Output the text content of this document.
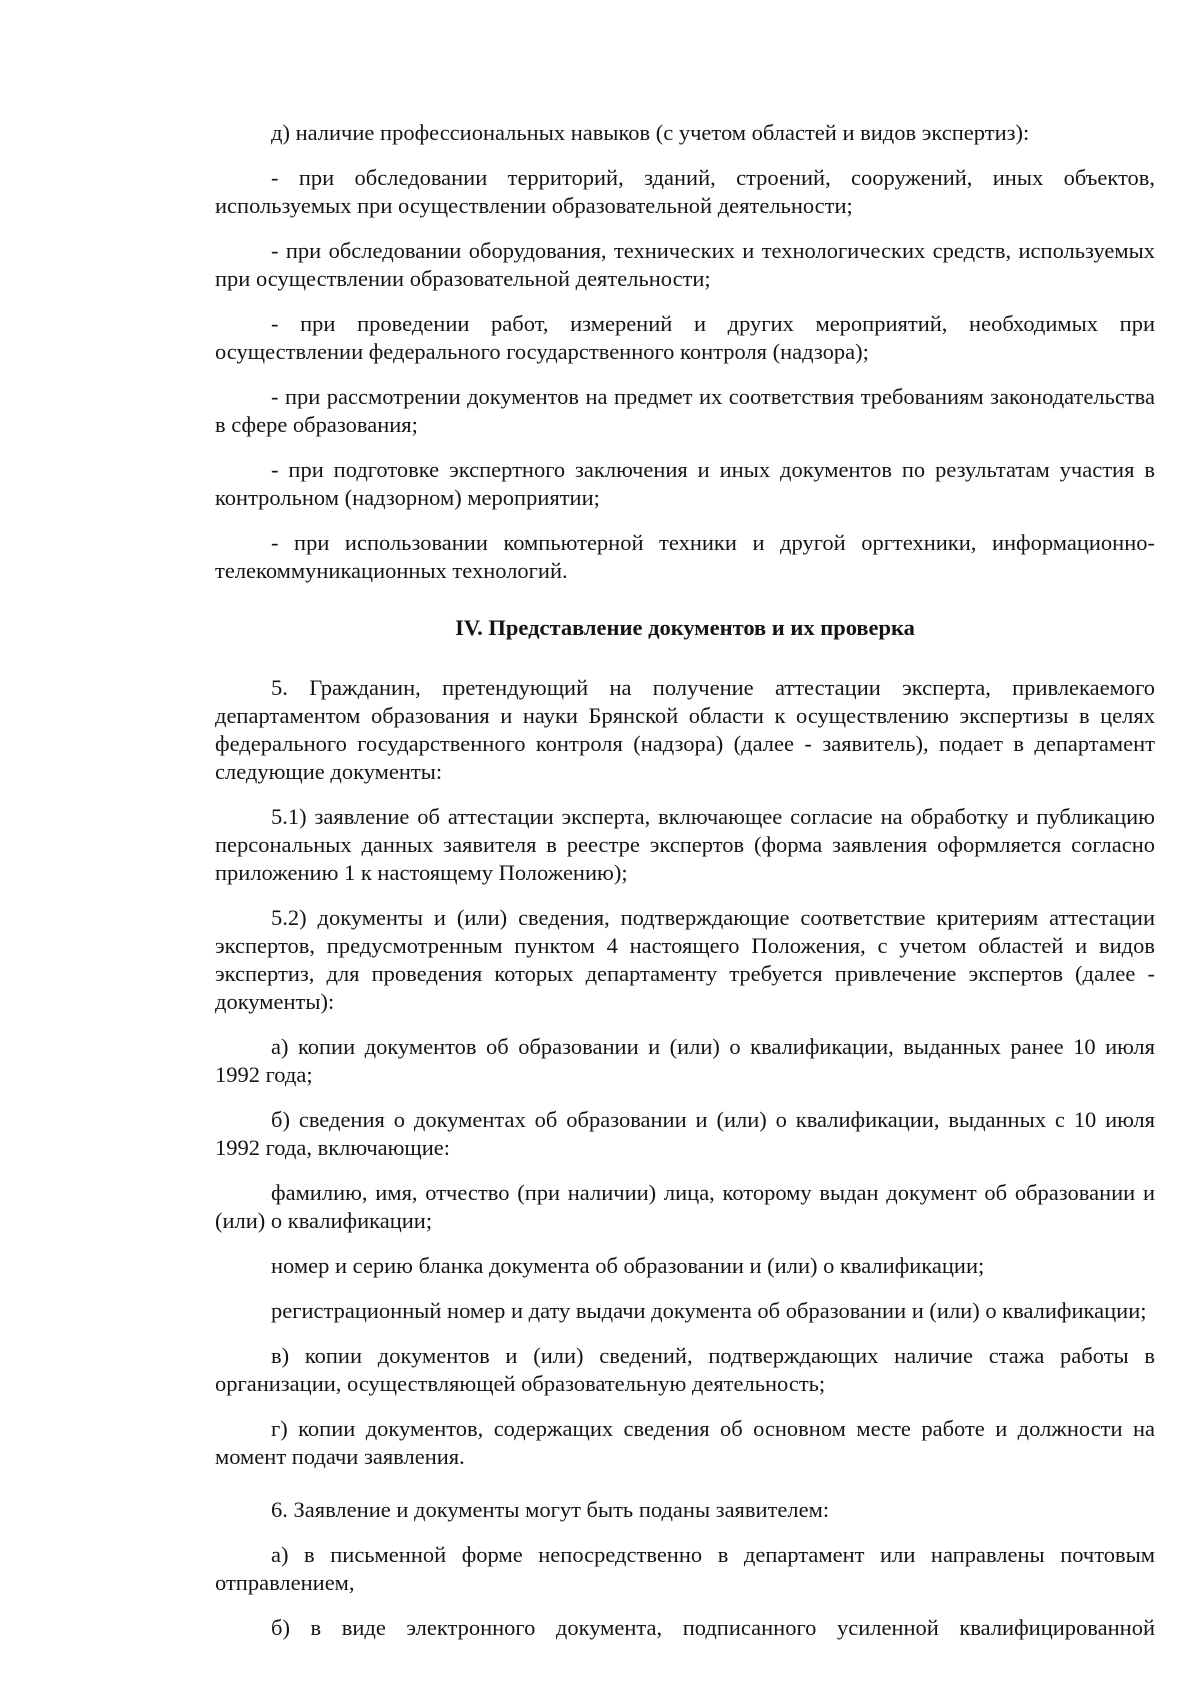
д) наличие профессиональных навыков (с учетом областей и видов экспертиз):

- при обследовании территорий, зданий, строений, сооружений, иных объектов, используемых при осуществлении образовательной деятельности;

- при обследовании оборудования, технических и технологических средств, используемых при осуществлении образовательной деятельности;

- при проведении работ, измерений и других мероприятий, необходимых при осуществлении федерального государственного контроля (надзора);

- при рассмотрении документов на предмет их соответствия требованиям законодательства в сфере образования;

- при подготовке экспертного заключения и иных документов по результатам участия в контрольном (надзорном) мероприятии;

- при использовании компьютерной техники и другой оргтехники, информационно-телекоммуникационных технологий.

IV. Представление документов и их проверка

5. Гражданин, претендующий на получение аттестации эксперта, привлекаемого департаментом образования и науки Брянской области к осуществлению экспертизы в целях федерального государственного контроля (надзора) (далее - заявитель), подает в департамент следующие документы:

5.1) заявление об аттестации эксперта, включающее согласие на обработку и публикацию персональных данных заявителя в реестре экспертов (форма заявления оформляется согласно приложению 1 к настоящему Положению);

5.2) документы и (или) сведения, подтверждающие соответствие критериям аттестации экспертов, предусмотренным пунктом 4 настоящего Положения, с учетом областей и видов экспертиз, для проведения которых департаменту требуется привлечение экспертов (далее - документы):

а) копии документов об образовании и (или) о квалификации, выданных ранее 10 июля 1992 года;

б) сведения о документах об образовании и (или) о квалификации, выданных с 10 июля 1992 года, включающие:

фамилию, имя, отчество (при наличии) лица, которому выдан документ об образовании и (или) о квалификации;

номер и серию бланка документа об образовании и (или) о квалификации;

регистрационный номер и дату выдачи документа об образовании и (или) о квалификации;

в) копии документов и (или) сведений, подтверждающих наличие стажа работы в организации, осуществляющей образовательную деятельность;

г) копии документов, содержащих сведения об основном месте работе и должности на момент подачи заявления.

6. Заявление и документы могут быть поданы заявителем:

а) в письменной форме непосредственно в департамент или направлены почтовым отправлением,

б) в виде электронного документа, подписанного усиленной квалифицированной
